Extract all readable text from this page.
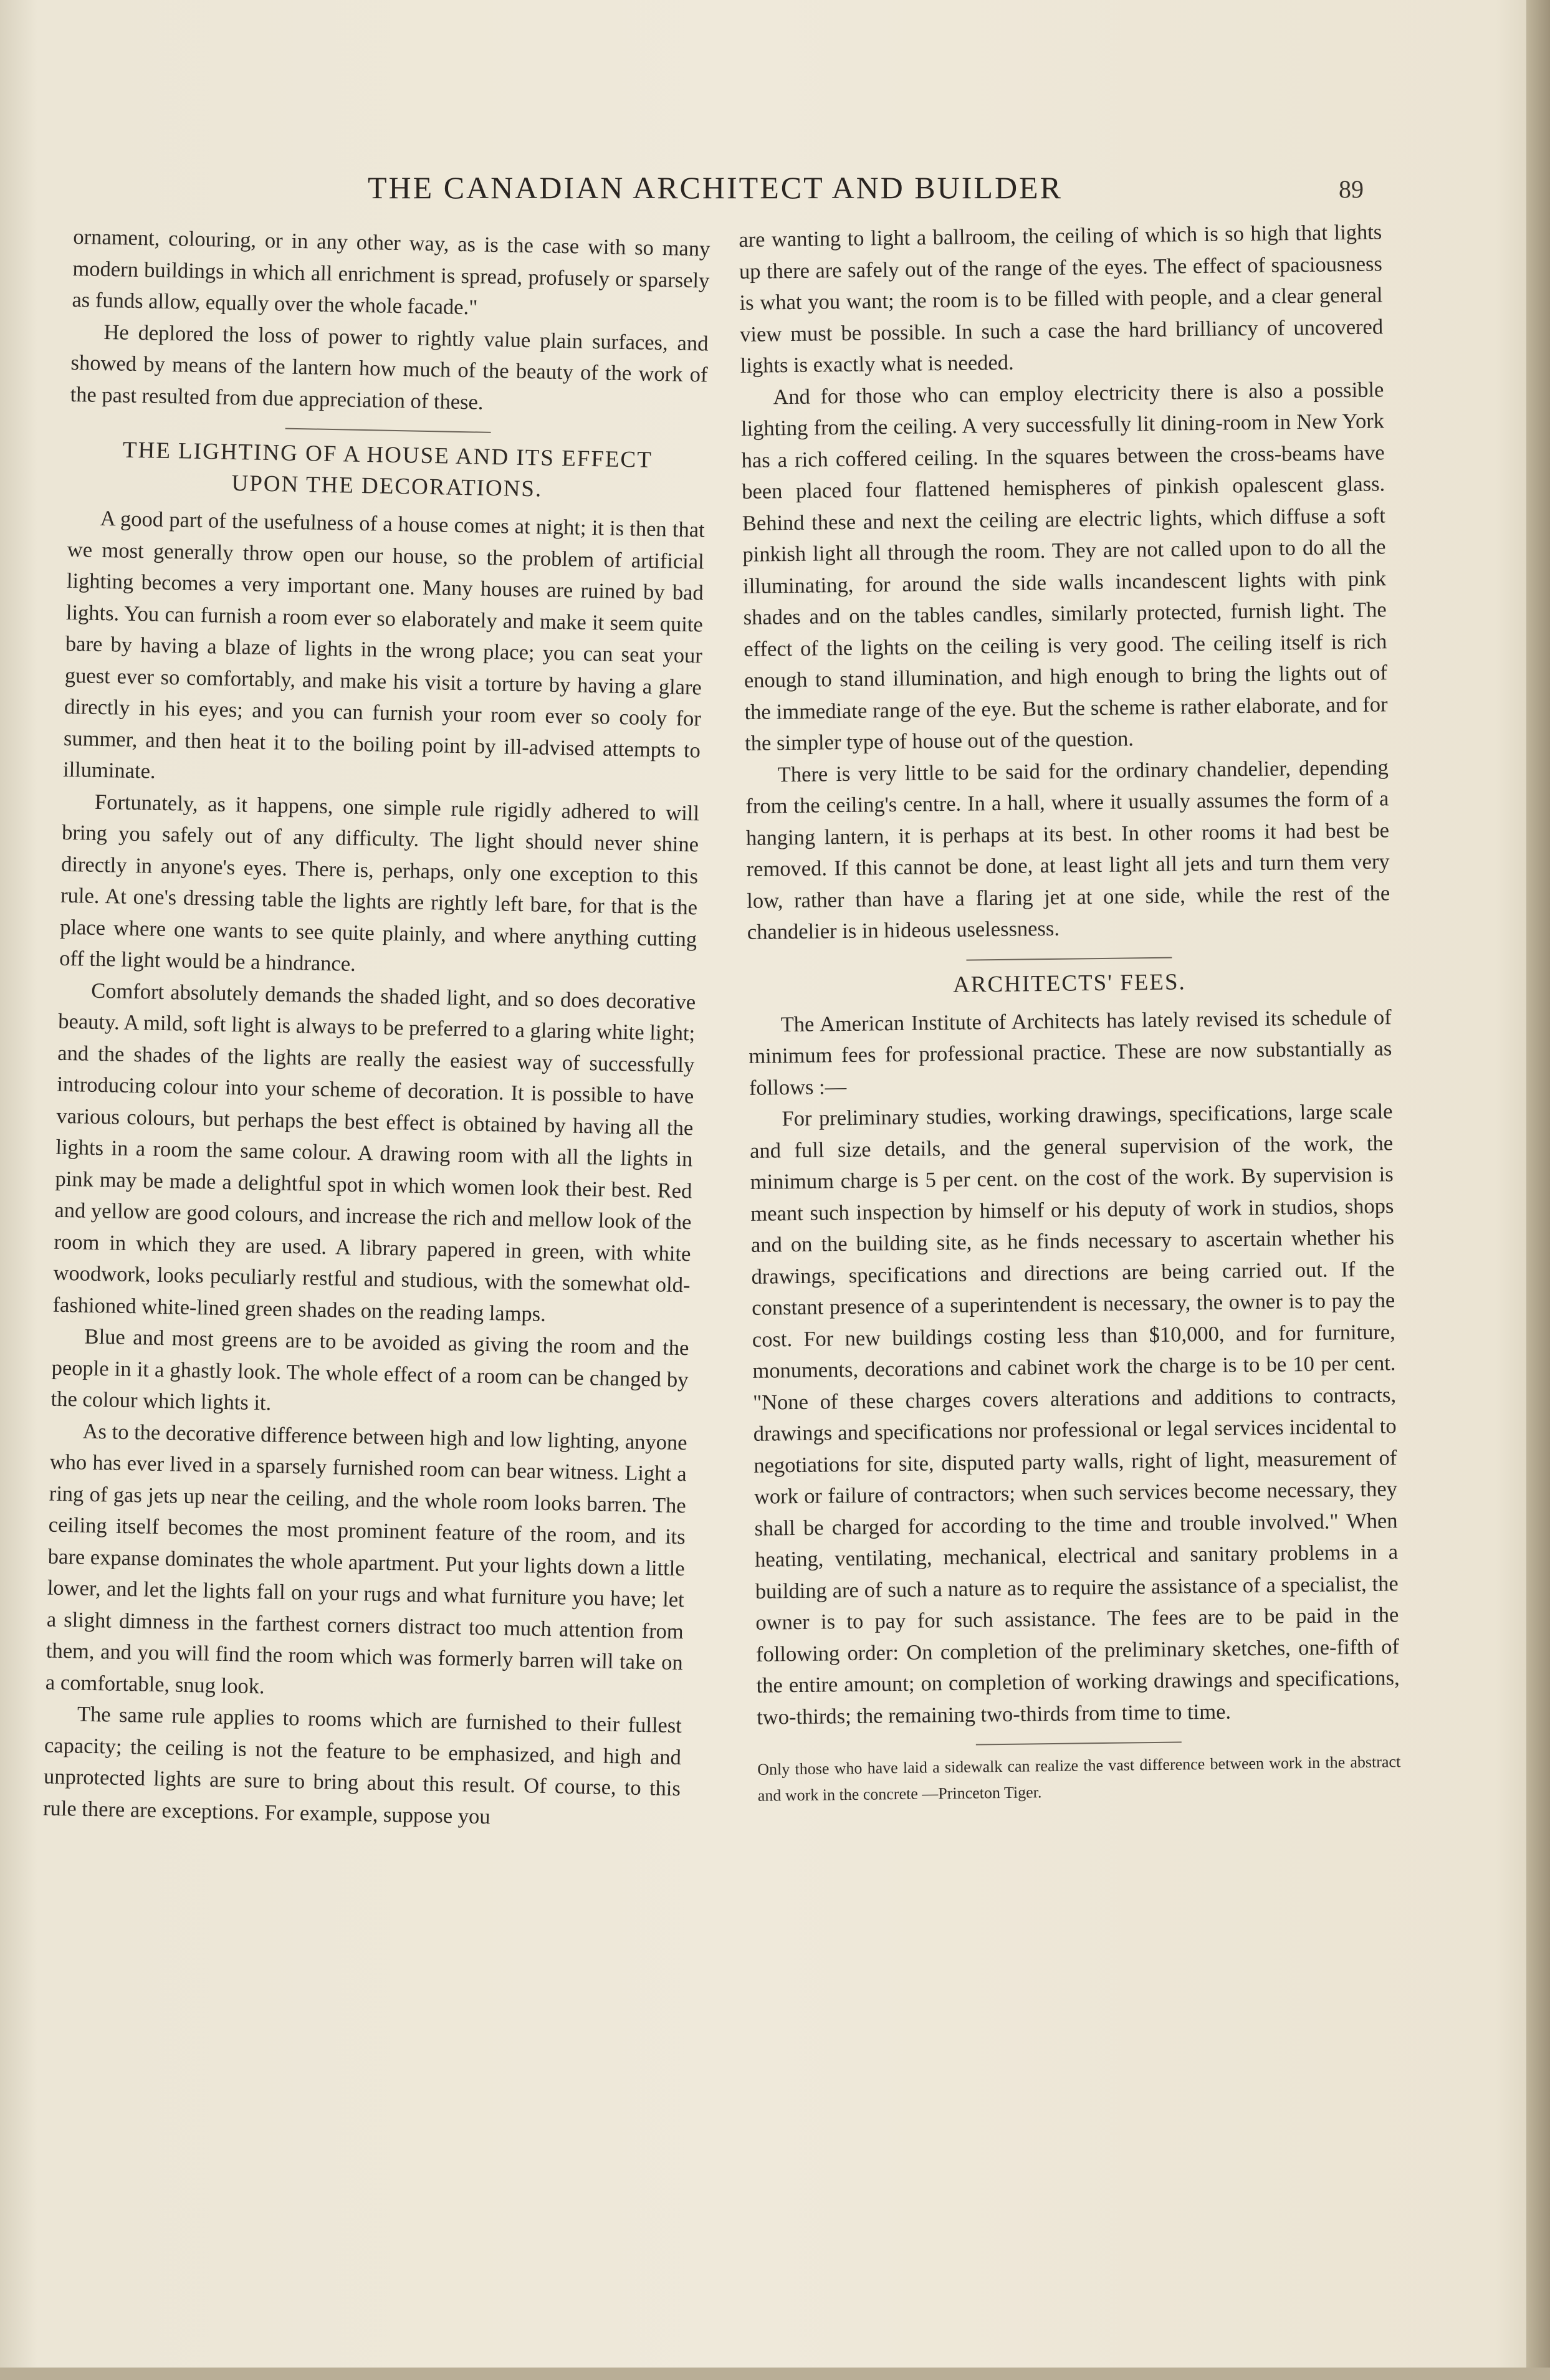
THE CANADIAN ARCHITECT AND BUILDER	89

ornament, colouring, or in any other way, as is the case with so many modern buildings in which all enrichment is spread, profusely or sparsely as funds allow, equally over the whole facade."

He deplored the loss of power to rightly value plain surfaces, and showed by means of the lantern how much of the beauty of the work of the past resulted from due appreciation of these.

THE LIGHTING OF A HOUSE AND ITS EFFECT
UPON THE DECORATIONS.

A good part of the usefulness of a house comes at night; it is then that we most generally throw open our house, so the problem of artificial lighting becomes a very important one. Many houses are ruined by bad lights. You can furnish a room ever so elaborately and make it seem quite bare by having a blaze of lights in the wrong place; you can seat your guest ever so comfortably, and make his visit a torture by having a glare directly in his eyes; and you can furnish your room ever so cooly for summer, and then heat it to the boiling point by ill-advised attempts to illuminate.

Fortunately, as it happens, one simple rule rigidly adhered to will bring you safely out of any difficulty. The light should never shine directly in anyone's eyes. There is, perhaps, only one exception to this rule. At one's dressing table the lights are rightly left bare, for that is the place where one wants to see quite plainly, and where anything cutting off the light would be a hindrance.

Comfort absolutely demands the shaded light, and so does decorative beauty. A mild, soft light is always to be preferred to a glaring white light; and the shades of the lights are really the easiest way of successfully introducing colour into your scheme of decoration. It is possible to have various colours, but perhaps the best effect is obtained by having all the lights in a room the same colour. A drawing room with all the lights in pink may be made a delightful spot in which women look their best. Red and yellow are good colours, and increase the rich and mellow look of the room in which they are used. A library papered in green, with white woodwork, looks peculiarly restful and studious, with the somewhat old-fashioned white-lined green shades on the reading lamps.

Blue and most greens are to be avoided as giving the room and the people in it a ghastly look. The whole effect of a room can be changed by the colour which lights it.

As to the decorative difference between high and low lighting, anyone who has ever lived in a sparsely furnished room can bear witness. Light a ring of gas jets up near the ceiling, and the whole room looks barren. The ceiling itself becomes the most prominent feature of the room, and its bare expanse dominates the whole apartment. Put your lights down a little lower, and let the lights fall on your rugs and what furniture you have; let a slight dimness in the farthest corners distract too much attention from them, and you will find the room which was formerly barren will take on a comfortable, snug look.

The same rule applies to rooms which are furnished to their fullest capacity; the ceiling is not the feature to be emphasized, and high and unprotected lights are sure to bring about this result. Of course, to this rule there are exceptions. For example, suppose you

are wanting to light a ballroom, the ceiling of which is so high that lights up there are safely out of the range of the eyes. The effect of spaciousness is what you want; the room is to be filled with people, and a clear general view must be possible. In such a case the hard brilliancy of uncovered lights is exactly what is needed.

And for those who can employ electricity there is also a possible lighting from the ceiling. A very successfully lit dining-room in New York has a rich coffered ceiling. In the squares between the cross-beams have been placed four flattened hemispheres of pinkish opalescent glass. Behind these and next the ceiling are electric lights, which diffuse a soft pinkish light all through the room. They are not called upon to do all the illuminating, for around the side walls incandescent lights with pink shades and on the tables candles, similarly protected, furnish light. The effect of the lights on the ceiling is very good. The ceiling itself is rich enough to stand illumination, and high enough to bring the lights out of the immediate range of the eye. But the scheme is rather elaborate, and for the simpler type of house out of the question.

There is very little to be said for the ordinary chandelier, depending from the ceiling's centre. In a hall, where it usually assumes the form of a hanging lantern, it is perhaps at its best. In other rooms it had best be removed. If this cannot be done, at least light all jets and turn them very low, rather than have a flaring jet at one side, while the rest of the chandelier is in hideous uselessness.

ARCHITECTS' FEES.

The American Institute of Architects has lately revised its schedule of minimum fees for professional practice. These are now substantially as follows :—

For preliminary studies, working drawings, specifications, large scale and full size details, and the general supervision of the work, the minimum charge is 5 per cent. on the cost of the work. By supervision is meant such inspection by himself or his deputy of work in studios, shops and on the building site, as he finds necessary to ascertain whether his drawings, specifications and directions are being carried out. If the constant presence of a superintendent is necessary, the owner is to pay the cost. For new buildings costing less than $10,000, and for furniture, monuments, decorations and cabinet work the charge is to be 10 per cent. "None of these charges covers alterations and additions to contracts, drawings and specifications nor professional or legal services incidental to negotiations for site, disputed party walls, right of light, measurement of work or failure of contractors; when such services become necessary, they shall be charged for according to the time and trouble involved." When heating, ventilating, mechanical, electrical and sanitary problems in a building are of such a nature as to require the assistance of a specialist, the owner is to pay for such assistance. The fees are to be paid in the following order: On completion of the preliminary sketches, one-fifth of the entire amount; on completion of working drawings and specifications, two-thirds; the remaining two-thirds from time to time.

Only those who have laid a sidewalk can realize the vast difference between work in the abstract and work in the concrete —Princeton Tiger.
